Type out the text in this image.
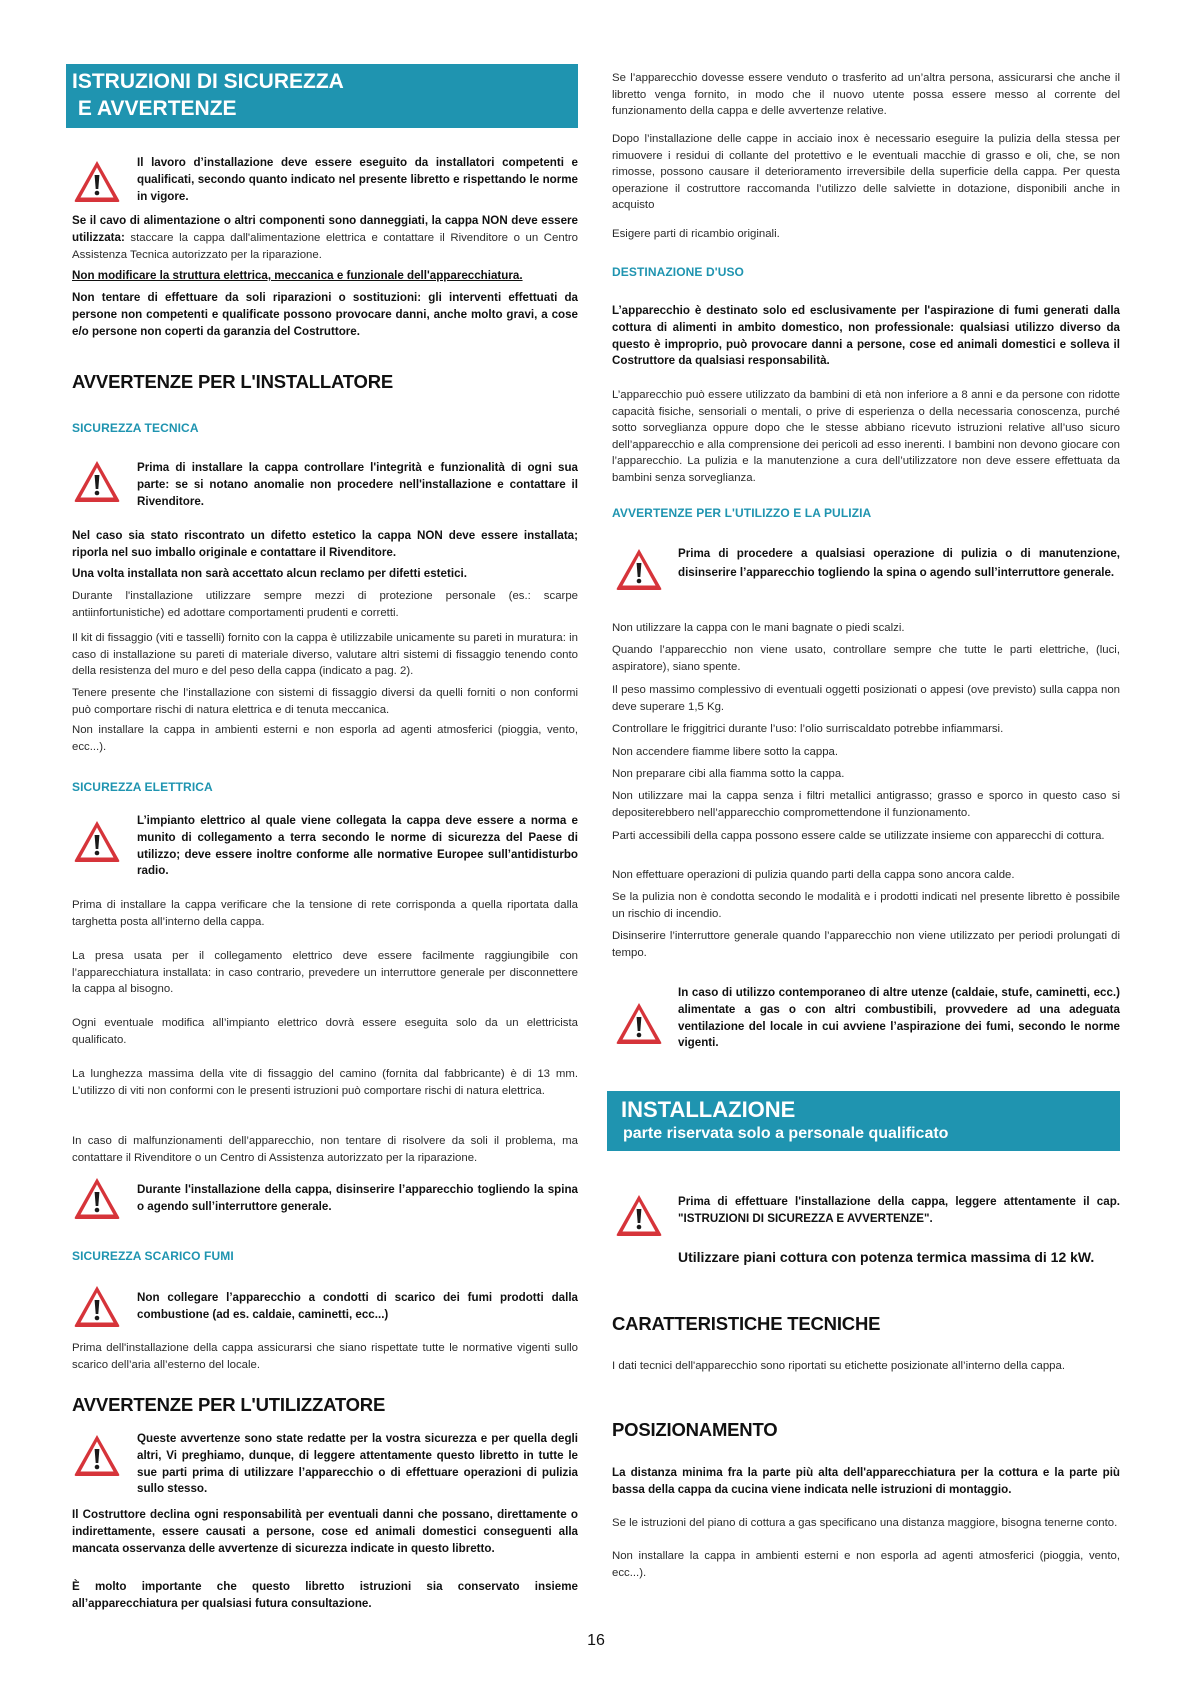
ISTRUZIONI DI SICUREZZA
E AVVERTENZE

Il lavoro d’installazione deve essere eseguito da installatori competenti e qualificati, secondo quanto indicato nel presente libretto e rispettando le norme in vigore.

Se il cavo di alimentazione o altri componenti sono danneggiati, la cappa NON deve essere utilizzata: staccare la cappa dall'alimentazione elettrica e contattare il Rivenditore o un Centro Assistenza Tecnica autorizzato per la riparazione.

Non modificare la struttura elettrica, meccanica e funzionale dell'apparecchiatura.

Non tentare di effettuare da soli riparazioni o sostituzioni: gli interventi effettuati da persone non competenti e qualificate possono provocare danni, anche molto gravi, a cose e/o persone non coperti da garanzia del Costruttore.

AVVERTENZE PER L'INSTALLATORE
SICUREZZA TECNICA

Prima di installare la cappa controllare l'integrità e funzionalità di ogni sua parte: se si notano anomalie non procedere nell'installazione e contattare il Rivenditore.

Nel caso sia stato riscontrato un difetto estetico la cappa NON deve essere installata; riporla nel suo imballo originale e contattare il Rivenditore.

Una volta installata non sarà accettato alcun reclamo per difetti estetici.

Durante l'installazione utilizzare sempre mezzi di protezione personale (es.: scarpe antiinfortunistiche) ed adottare comportamenti prudenti e corretti.

Il kit di fissaggio (viti e tasselli) fornito con la cappa è utilizzabile unicamente su pareti in muratura: in caso di installazione su pareti di materiale diverso, valutare altri sistemi di fissaggio tenendo conto della resistenza del muro e del peso della cappa (indicato a pag. 2).

Tenere presente che l’installazione con sistemi di fissaggio diversi da quelli forniti o non conformi può comportare rischi di natura elettrica e di tenuta meccanica.

Non installare la cappa in ambienti esterni e non esporla ad agenti atmosferici (pioggia, vento, ecc...).

SICUREZZA ELETTRICA

L’impianto elettrico al quale viene collegata la cappa deve essere a norma e munito di collegamento a terra secondo le norme di sicurezza del Paese di utilizzo; deve essere inoltre conforme alle normative Europee sull’antidisturbo radio.

Prima di installare la cappa verificare che la tensione di rete corrisponda a quella riportata dalla targhetta posta all’interno della cappa.

La presa usata per il collegamento elettrico deve essere facilmente raggiungibile con l’apparecchiatura installata: in caso contrario, prevedere un interruttore generale per disconnettere la cappa al bisogno.

Ogni eventuale modifica all’impianto elettrico dovrà essere eseguita solo da un elettricista qualificato.

La lunghezza massima della vite di fissaggio del camino (fornita dal fabbricante) è di 13 mm. L’utilizzo di viti non conformi con le presenti istruzioni può comportare rischi di natura elettrica.

In caso di malfunzionamenti dell’apparecchio, non tentare di risolvere da soli il problema, ma contattare il Rivenditore o un Centro di Assistenza autorizzato per la riparazione.

Durante l'installazione della cappa, disinserire l’apparecchio togliendo la spina o agendo sull’interruttore generale.

SICUREZZA SCARICO FUMI

Non collegare l’apparecchio a condotti di scarico dei fumi prodotti dalla combustione (ad es. caldaie, caminetti, ecc...)

Prima dell'installazione della cappa assicurarsi che siano rispettate tutte le normative vigenti sullo scarico dell’aria all’esterno del locale.

AVVERTENZE PER L'UTILIZZATORE

Queste avvertenze sono state redatte per la vostra sicurezza e per quella degli altri, Vi preghiamo, dunque, di leggere attentamente questo libretto in tutte le sue parti prima di utilizzare l’apparecchio o di effettuare operazioni di pulizia sullo stesso.

Il Costruttore declina ogni responsabilità per eventuali danni che possano, direttamente o indirettamente, essere causati a persone, cose ed animali domestici conseguenti alla mancata osservanza delle avvertenze di sicurezza indicate in questo libretto.

È molto importante che questo libretto istruzioni sia conservato insieme all’apparecchiatura per qualsiasi futura consultazione.

Se l’apparecchio dovesse essere venduto o trasferito ad un’altra persona, assicurarsi che anche il libretto venga fornito, in modo che il nuovo utente possa essere messo al corrente del funzionamento della cappa e delle avvertenze relative.

Dopo l’installazione delle cappe in acciaio inox è necessario eseguire la pulizia della stessa per rimuovere i residui di collante del protettivo e le eventuali macchie di grasso e oli, che, se non rimosse, possono causare il deterioramento irreversibile della superficie della cappa. Per questa operazione il costruttore raccomanda l’utilizzo delle salviette in dotazione, disponibili anche in acquisto

Esigere parti di ricambio originali.

DESTINAZIONE D'USO

L’apparecchio è destinato solo ed esclusivamente per l'aspirazione di fumi generati dalla cottura di alimenti in ambito domestico, non professionale: qualsiasi utilizzo diverso da questo è improprio, può provocare danni a persone, cose ed animali domestici e solleva il Costruttore da qualsiasi responsabilità.

L’apparecchio può essere utilizzato da bambini di età non inferiore a 8 anni e da persone con ridotte capacità fisiche, sensoriali o mentali, o prive di esperienza o della necessaria conoscenza, purché sotto sorveglianza oppure dopo che le stesse abbiano ricevuto istruzioni relative all’uso sicuro dell’apparecchio e alla comprensione dei pericoli ad esso inerenti. I bambini non devono giocare con l’apparecchio. La pulizia e la manutenzione a cura dell’utilizzatore non deve essere effettuata da bambini senza sorveglianza.

AVVERTENZE PER L'UTILIZZO E LA PULIZIA

Prima di procedere a qualsiasi operazione di pulizia o di manutenzione, disinserire l’apparecchio togliendo la spina o agendo sull’interruttore generale.

Non utilizzare la cappa con le mani bagnate o piedi scalzi.

Quando l’apparecchio non viene usato, controllare sempre che tutte le parti elettriche, (luci, aspiratore), siano spente.

Il peso massimo complessivo di eventuali oggetti posizionati o appesi (ove previsto) sulla cappa non deve superare 1,5 Kg.

Controllare le friggitrici durante l’uso: l’olio surriscaldato potrebbe infiammarsi.

Non accendere fiamme libere sotto la cappa.

Non preparare cibi alla fiamma sotto la cappa.

Non utilizzare mai la cappa senza i filtri metallici antigrasso; grasso e sporco in questo caso si depositerebbero nell’apparecchio compromettendone il funzionamento.

Parti accessibili della cappa possono essere calde se utilizzate insieme con apparecchi di cottura.

Non effettuare operazioni di pulizia quando parti della cappa sono ancora calde.

Se la pulizia non è condotta secondo le modalità e i prodotti indicati nel presente libretto è possibile un rischio di incendio.

Disinserire l’interruttore generale quando l’apparecchio non viene utilizzato per periodi prolungati di tempo.

In caso di utilizzo contemporaneo di altre utenze (caldaie, stufe, caminetti, ecc.) alimentate a gas o con altri combustibili, provvedere ad una adeguata ventilazione del locale in cui avviene l’aspirazione dei fumi, secondo le norme vigenti.

INSTALLAZIONE
parte riservata solo a personale qualificato

Prima di effettuare l'installazione della cappa, leggere attentamente il cap. "ISTRUZIONI DI SICUREZZA E AVVERTENZE".

Utilizzare piani cottura con potenza termica massima di 12 kW.

CARATTERISTICHE TECNICHE

I dati tecnici dell'apparecchio sono riportati su etichette posizionate all’interno della cappa.

POSIZIONAMENTO

La distanza minima fra la parte più alta dell'apparecchiatura per la cottura e la parte più bassa della cappa da cucina viene indicata nelle istruzioni di montaggio.

Se le istruzioni del piano di cottura a gas specificano una distanza maggiore, bisogna tenerne conto.

Non installare la cappa in ambienti esterni e non esporla ad agenti atmosferici (pioggia, vento, ecc...).

16
